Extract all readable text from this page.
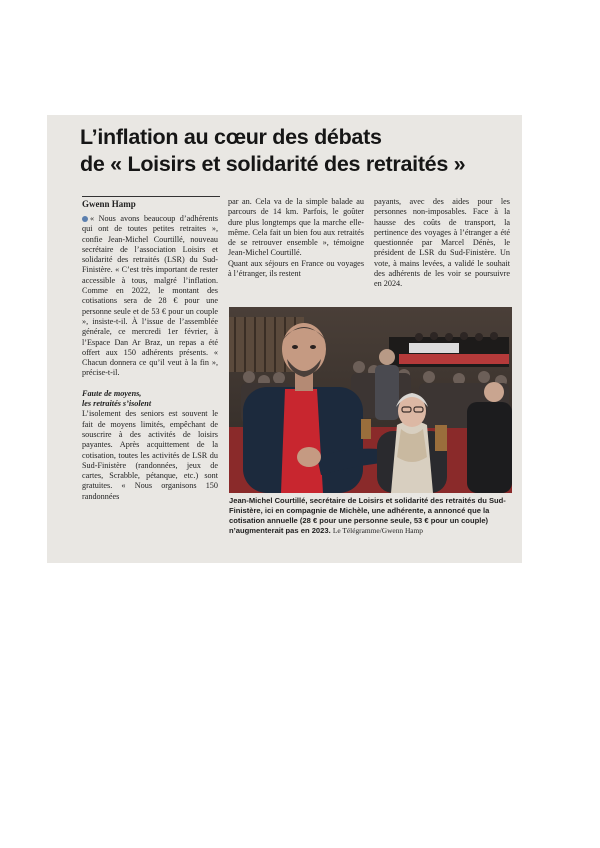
L’inflation au cœur des débats
de « Loisirs et solidarité des retraités »
Gwenn Hamp

« Nous avons beaucoup d’adhérents qui ont de toutes petites retraites », confie Jean-Michel Courtillé, nouveau secrétaire de l’association Loisirs et solidarité des retraités (LSR) du Sud-Finistère. « C’est très important de rester accessible à tous, malgré l’inflation. Comme en 2022, le montant des cotisations sera de 28 € pour une personne seule et de 53 € pour un couple », insiste-t-il. À l’issue de l’assemblée générale, ce mercredi 1er février, à l’Espace Dan Ar Braz, un repas a été offert aux 150 adhérents présents. « Chacun donnera ce qu’il veut à la fin », précise-t-il.

Faute de moyens,
les retraités s’isolent

L’isolement des seniors est souvent le fait de moyens limités, empêchant de souscrire à des activités de loisirs payantes. Après acquittement de la cotisation, toutes les activités de LSR du Sud-Finistère (randonnées, jeux de cartes, Scrabble, pétanque, etc.) sont gratuites. « Nous organisons 150 randonnées

par an. Cela va de la simple balade au parcours de 14 km. Parfois, le goûter dure plus longtemps que la marche elle-même. Cela fait un bien fou aux retraités de se retrouver ensemble », témoigne Jean-Michel Courtillé.

Quant aux séjours en France ou voyages à l’étranger, ils restent

payants, avec des aides pour les personnes non-imposables. Face à la hausse des coûts de transport, la pertinence des voyages à l’étranger a été questionnée par Marcel Dénès, le président de LSR du Sud-Finistère. Un vote, à mains levées, a validé le souhait des adhérents de les voir se poursuivre en 2024.

Jean-Michel Courtillé, secrétaire de Loisirs et solidarité des retraités du Sud-Finistère, ici en compagnie de Michèle, une adhérente, a annoncé que la cotisation annuelle (28 € pour une personne seule, 53 € pour un couple) n’augmenterait pas en 2023. Le Télégramme/Gwenn Hamp
